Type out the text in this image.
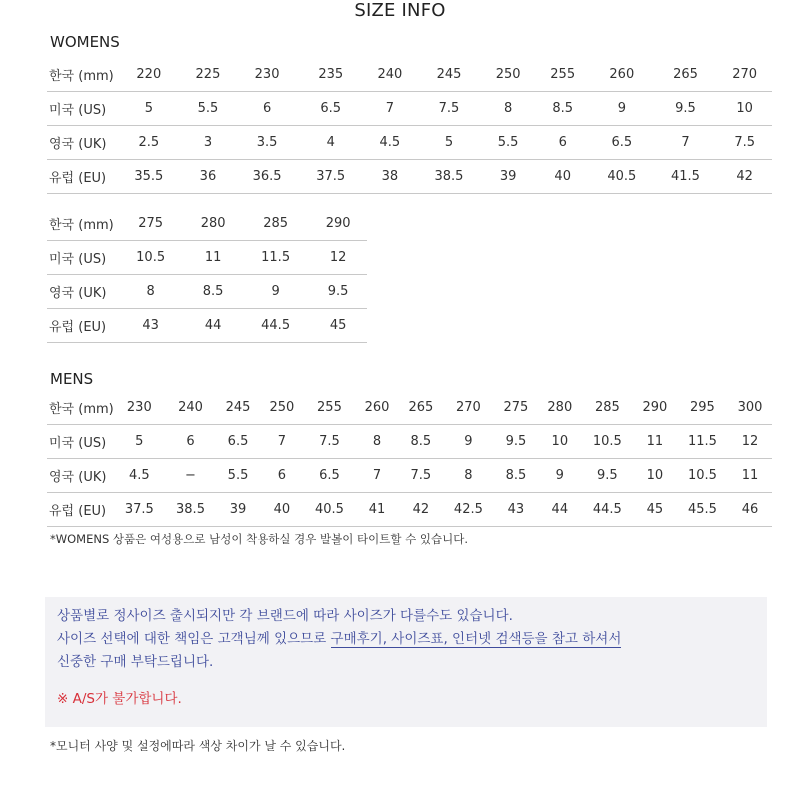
SIZE INFO
WOMENS
한국 (mm)	220	225	230	235	240	245	250	255	260	265	270
미국 (US)	5	5.5	6	6.5	7	7.5	8	8.5	9	9.5	10
영국 (UK)	2.5	3	3.5	4	4.5	5	5.5	6	6.5	7	7.5
유럽 (EU)	35.5	36	36.5	37.5	38	38.5	39	40	40.5	41.5	42
한국 (mm)	275	280	285	290
미국 (US)	10.5	11	11.5	12
영국 (UK)	8	8.5	9	9.5
유럽 (EU)	43	44	44.5	45
MENS
한국 (mm)	230	240	245	250	255	260	265	270	275	280	285	290	295	300
미국 (US)	5	6	6.5	7	7.5	8	8.5	9	9.5	10	10.5	11	11.5	12
영국 (UK)	4.5	−	5.5	6	6.5	7	7.5	8	8.5	9	9.5	10	10.5	11
유럽 (EU)	37.5	38.5	39	40	40.5	41	42	42.5	43	44	44.5	45	45.5	46
*WOMENS 상품은 여성용으로 남성이 착용하실 경우 발볼이 타이트할 수 있습니다.
상품별로 정사이즈 출시되지만 각 브랜드에 따라 사이즈가 다를수도 있습니다.
사이즈 선택에 대한 책임은 고객님께 있으므로 구매후기, 사이즈표, 인터넷 검색등을 참고 하셔서
신중한 구매 부탁드립니다.
※ A/S가 불가합니다.
*모니터 사양 및 설정에따라 색상 차이가 날 수 있습니다.
